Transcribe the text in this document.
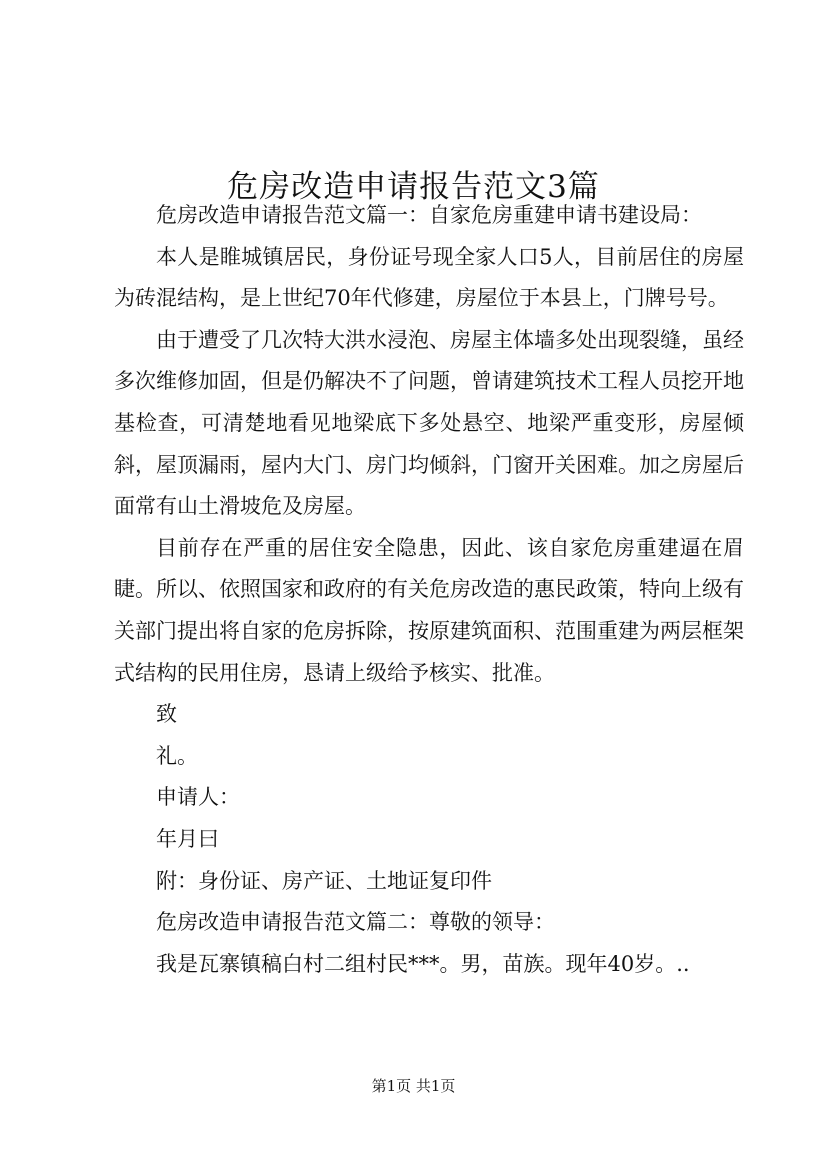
危房改造申请报告范文3篇

危房改造申请报告范文篇一：自家危房重建申请书建设局：

本人是睢城镇居民，身份证号现全家人口5人，目前居住的房屋为砖混结构，是上世纪70年代修建，房屋位于本县上，门牌号号。

由于遭受了几次特大洪水浸泡、房屋主体墙多处出现裂缝，虽经多次维修加固，但是仍解决不了问题，曾请建筑技术工程人员挖开地基检查，可清楚地看见地梁底下多处悬空、地梁严重变形，房屋倾斜，屋顶漏雨，屋内大门、房门均倾斜，门窗开关困难。加之房屋后面常有山土滑坡危及房屋。

目前存在严重的居住安全隐患，因此、该自家危房重建逼在眉睫。所以、依照国家和政府的有关危房改造的惠民政策，特向上级有关部门提出将自家的危房拆除，按原建筑面积、范围重建为两层框架式结构的民用住房，恳请上级给予核实、批准。

致

礼。

申请人：

年月曰

附：身份证、房产证、土地证复印件

危房改造申请报告范文篇二：尊敬的领导：

我是瓦寨镇稿白村二组村民***。男，苗族。现年40岁。..

第1页 共1页
